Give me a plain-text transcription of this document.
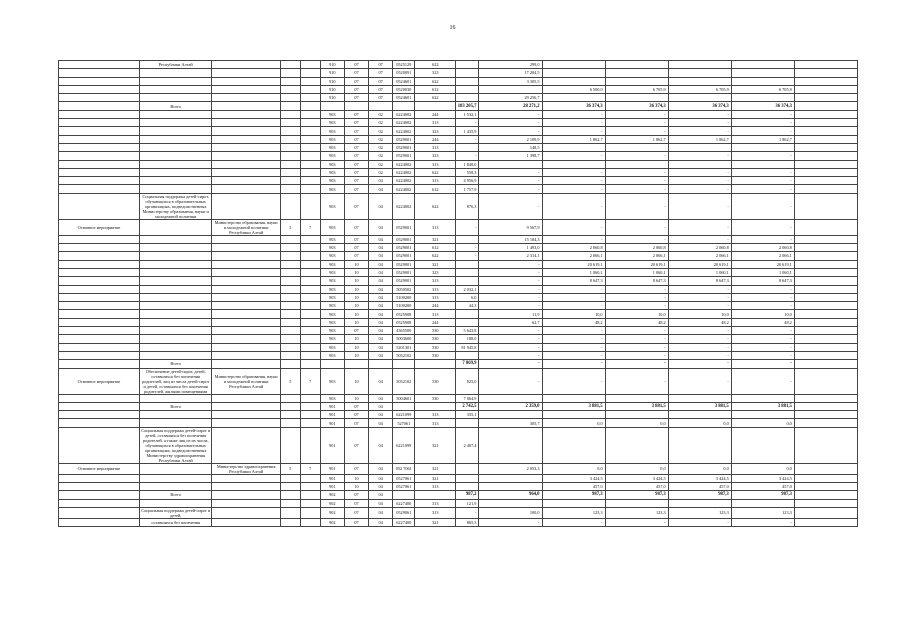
16
	Республики Алтай				910	07	07	0525129	622		299,0					
					910	07	07	0520091	323		17 284,5					
					910	07	07	0524601	622		3 305,5					
					910	07	07	0520030	612			6 500,0	6 705,9	6 705,9	6 705,9	
					910	07	07	0524601	622		29 256,7					
	Всего									103 205,7	28 271,2	36 374,3	36 374,3	36 374,3	36 374,3	
					903	07	02	6224002	244	1 532,1	-	-	-	-	-	
					903	07	02	6224002	313	-	-	-	-	-	-	
					903	07	02	6224002	323	1 435,9	-	-	-	-	-	
					903	07	02	0529001	244	-	2 109,9	1 862,7	1 862,7	1 862,7	1 862,7	
					903	07	02	0529001	313		148,5					
					903	07	02	0529001	323	-	1 398,7	-	-	-	-	
					903	07	02	6224002	313	1 848,0						
					903	07	02	6224002	622	558,3	-	-	-	-	-	
					903	07	04	6224002	313	4 956,9	-	-	-	-	-	
					903	07	04	6224002	612	1 757,9	-	-	-	-	-	
	Социальная поддержка детей-сирот, обучающихся в образовательных организациях, подведомственных Министерству образования, науки и молодежной политики				903	07	04	6224002	622	876,3	-	-	-	-	-	
Основное мероприятие		Министерство образования, науки и молодежной политики Республики Алтай	5	7	903	07	04	0529001	313	-	9 567,9	-	-	-	-	
					903	07	04	0529001	321		15 184,3	-	-	-	-	
					903	07	04	0529001	612	-	1 493,0	2 060,8	2 060,8	2 060,8	2 060,8	
					903	07	04	0529001	622	-	2 314,1	2 066,1	2 066,1	2 066,1	2 066,1	
					903	10	04	0529001	321		-	20 619,1	20 619,1	20 619,1	20 619,1	
					903	10	04	0529001	323		-	1 060,1	1 060,1	1 060,1	1 060,1	
					903	10	04	0529001	313		-	8 647,3	8 647,3	8 647,3	8 647,3	
					903	10	04	5050502	313	2 032,1	-	-	-	-	-	
					903	10	04	5100200	313	6,0	-	-	-	-	-	
					903	10	04	5100200	244	44,3	-	-	-	-	-	
					903	10	04	0525908	313		11,9	10,0	10,0	10,0	10,0	
					903	10	04	0525908	244		62,7	48,2	48,2	48,2	48,2	
					903	07	04	4365500	530	5 643,8	-	-	-	-	-	
					903	10	04	5003600	530	188,0	-	-	-	-	-	
					903	10	04	5201301	530	81 945,8	-	-	-	-	-	
					903	10	04	5052102	530		-	-	-	-	-	
	Всего									7 869,9	-	-	-	-	-	
Основное мероприятие	Обеспечение детей-сирот, детей, оставшихся без попечения родителей, лиц из числа детей-сирот и детей, оставшихся без попечения родителей, жилыми помещениями	Министерство образования, науки и молодежной политики Республики Алтай	5	7	903	10	04	5052102	530	825,0	-	-	-	-	-	
					903	10	04	5004601	530	7 064,9						
	Всего				901	07	04			2 742,5	2 359,0	3 881,5	3 881,5	3 881,5	3 881,5	
					901	07	04	6221099	313	335,1						
					901	07	04	527061	313		305,7	0,0	0,0	0,0	0,0	
	Социальная поддержка детей-сирот и детей, оставшихся без попечения родителей, а также лиц из их числа, обучающихся в образовательных организациях, подведомственных Министерству здравоохранения Республики Алтай				901	07	04	6221099	321	2 407,4						
Основное мероприятие		Министерство здравоохранения Республики Алтай	5	7	901	07	04	052 7061	321		2 053,3	0,0	0,0	0,0	0,0	
					901	10	04	0527061	321			3 424,5	3 424,5	3 424,5	3 424,5	
					901	10	04	0527061	313			457,0	457,0	457,0	457,0	
	Всего				902	07	04			987,2	964,0	987,3	987,3	987,3	987,3	
					902	07	04	6227400	313	121,9						
	Социальная поддержка детей-сирот и детей,				902	07	04	0529061	313	-	100,0	123,3	123,3	123,3	123,3	
	оставшихся без попечения				902	07	04	6227400	321	865,3	-	-	-	-	-	
